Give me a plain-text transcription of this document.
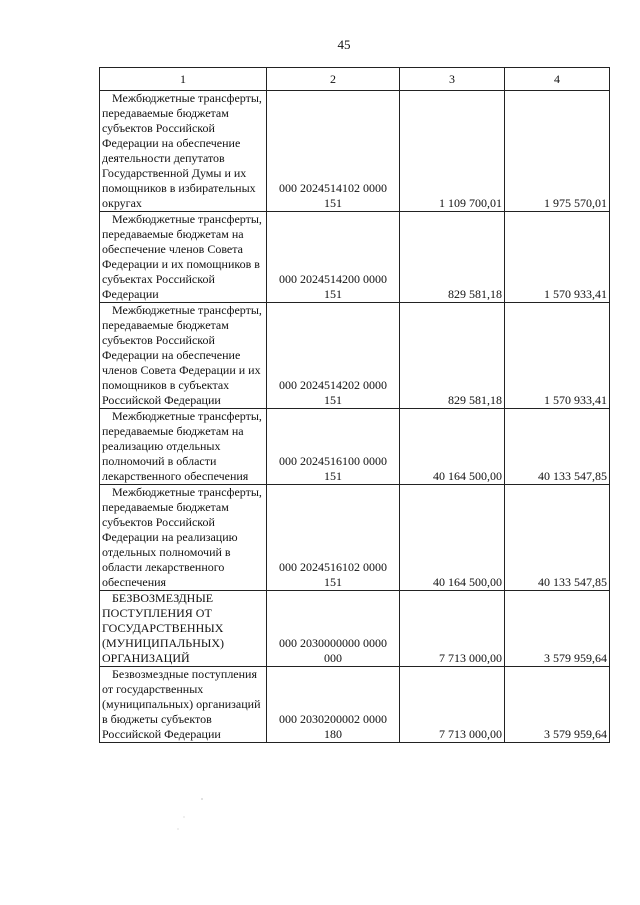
45
1	2	3	4
Межбюджетные трансферты, передаваемые бюджетам субъектов Российской Федерации на обеспечение деятельности депутатов Государственной Думы и их помощников в избирательных округах	000 2024514102 0000 151	1 109 700,01	1 975 570,01
Межбюджетные трансферты, передаваемые бюджетам на обеспечение членов Совета Федерации и их помощников в субъектах Российской Федерации	000 2024514200 0000 151	829 581,18	1 570 933,41
Межбюджетные трансферты, передаваемые бюджетам субъектов Российской Федерации на обеспечение членов Совета Федерации и их помощников в субъектах Российской Федерации	000 2024514202 0000 151	829 581,18	1 570 933,41
Межбюджетные трансферты, передаваемые бюджетам на реализацию отдельных полномочий в области лекарственного обеспечения	000 2024516100 0000 151	40 164 500,00	40 133 547,85
Межбюджетные трансферты, передаваемые бюджетам субъектов Российской Федерации на реализацию отдельных полномочий в области лекарственного обеспечения	000 2024516102 0000 151	40 164 500,00	40 133 547,85
БЕЗВОЗМЕЗДНЫЕ ПОСТУПЛЕНИЯ ОТ ГОСУДАРСТВЕННЫХ (МУНИЦИПАЛЬНЫХ) ОРГАНИЗАЦИЙ	000 2030000000 0000 000	7 713 000,00	3 579 959,64
Безвозмездные поступления от государственных (муниципальных) организаций в бюджеты субъектов Российской Федерации	000 2030200002 0000 180	7 713 000,00	3 579 959,64
